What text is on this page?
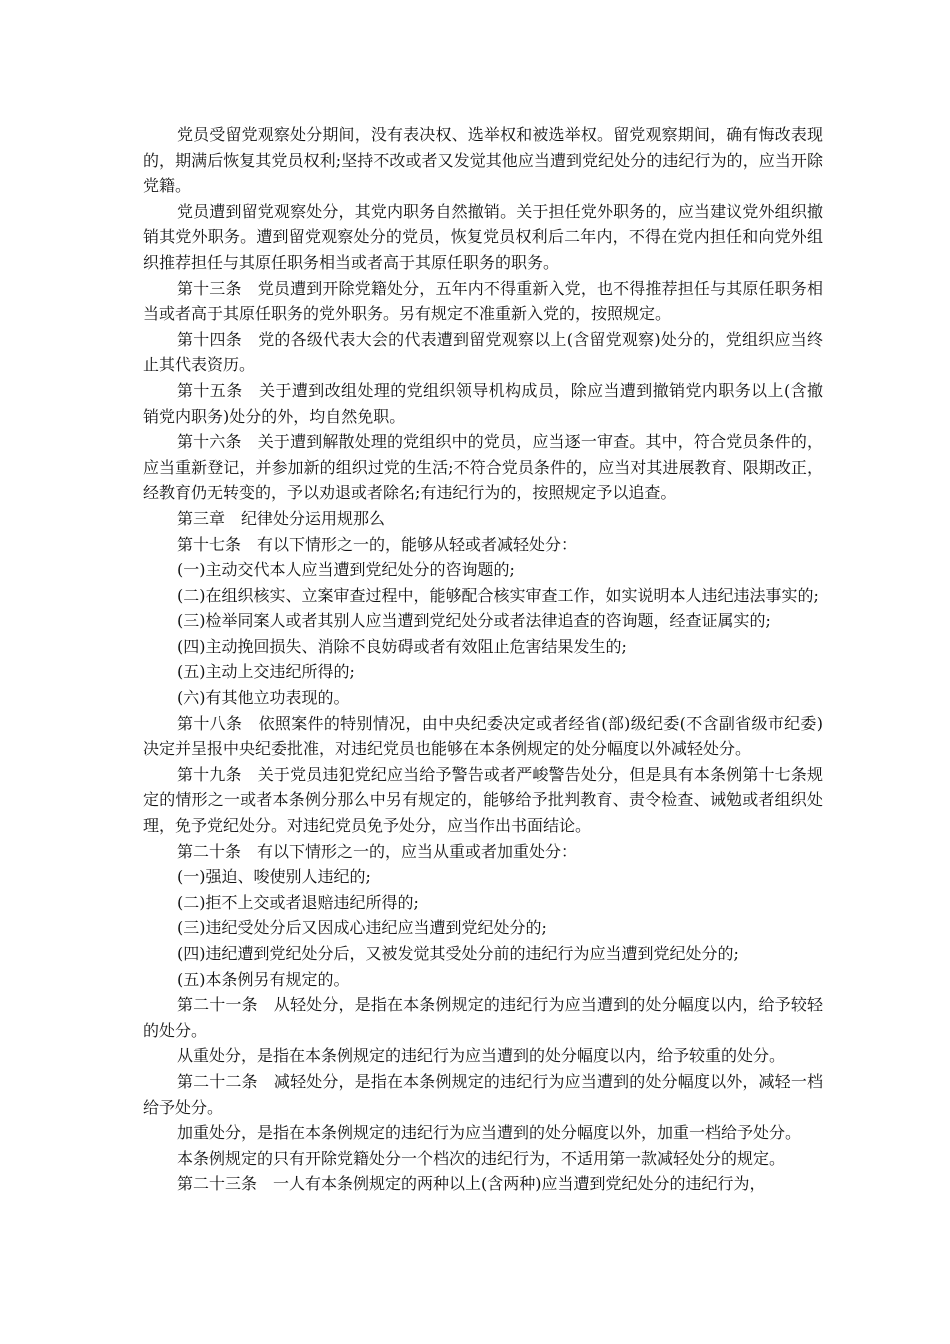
党员受留党观察处分期间，没有表决权、选举权和被选举权。留党观察期间，确有悔改表现的，期满后恢复其党员权利;坚持不改或者又发觉其他应当遭到党纪处分的违纪行为的，应当开除党籍。

党员遭到留党观察处分，其党内职务自然撤销。关于担任党外职务的，应当建议党外组织撤销其党外职务。遭到留党观察处分的党员，恢复党员权利后二年内，不得在党内担任和向党外组织推荐担任与其原任职务相当或者高于其原任职务的职务。

第十三条　党员遭到开除党籍处分，五年内不得重新入党，也不得推荐担任与其原任职务相当或者高于其原任职务的党外职务。另有规定不准重新入党的，按照规定。

第十四条　党的各级代表大会的代表遭到留党观察以上(含留党观察)处分的，党组织应当终止其代表资历。

第十五条　关于遭到改组处理的党组织领导机构成员，除应当遭到撤销党内职务以上(含撤销党内职务)处分的外，均自然免职。

第十六条　关于遭到解散处理的党组织中的党员，应当逐一审查。其中，符合党员条件的，应当重新登记，并参加新的组织过党的生活;不符合党员条件的，应当对其进展教育、限期改正，经教育仍无转变的，予以劝退或者除名;有违纪行为的，按照规定予以追查。

第三章　纪律处分运用规那么

第十七条　有以下情形之一的，能够从轻或者减轻处分：

(一)主动交代本人应当遭到党纪处分的咨询题的;

(二)在组织核实、立案审查过程中，能够配合核实审查工作，如实说明本人违纪违法事实的;

(三)检举同案人或者其别人应当遭到党纪处分或者法律追查的咨询题，经查证属实的;

(四)主动挽回损失、消除不良妨碍或者有效阻止危害结果发生的;

(五)主动上交违纪所得的;

(六)有其他立功表现的。

第十八条　依照案件的特别情况，由中央纪委决定或者经省(部)级纪委(不含副省级市纪委)决定并呈报中央纪委批准，对违纪党员也能够在本条例规定的处分幅度以外减轻处分。

第十九条　关于党员违犯党纪应当给予警告或者严峻警告处分，但是具有本条例第十七条规定的情形之一或者本条例分那么中另有规定的，能够给予批判教育、责令检查、诫勉或者组织处理，免予党纪处分。对违纪党员免予处分，应当作出书面结论。

第二十条　有以下情形之一的，应当从重或者加重处分：

(一)强迫、唆使别人违纪的;

(二)拒不上交或者退赔违纪所得的;

(三)违纪受处分后又因成心违纪应当遭到党纪处分的;

(四)违纪遭到党纪处分后，又被发觉其受处分前的违纪行为应当遭到党纪处分的;

(五)本条例另有规定的。

第二十一条　从轻处分，是指在本条例规定的违纪行为应当遭到的处分幅度以内，给予较轻的处分。

从重处分，是指在本条例规定的违纪行为应当遭到的处分幅度以内，给予较重的处分。

第二十二条　减轻处分，是指在本条例规定的违纪行为应当遭到的处分幅度以外，减轻一档给予处分。

加重处分，是指在本条例规定的违纪行为应当遭到的处分幅度以外，加重一档给予处分。

本条例规定的只有开除党籍处分一个档次的违纪行为，不适用第一款减轻处分的规定。

第二十三条　一人有本条例规定的两种以上(含两种)应当遭到党纪处分的违纪行为，
